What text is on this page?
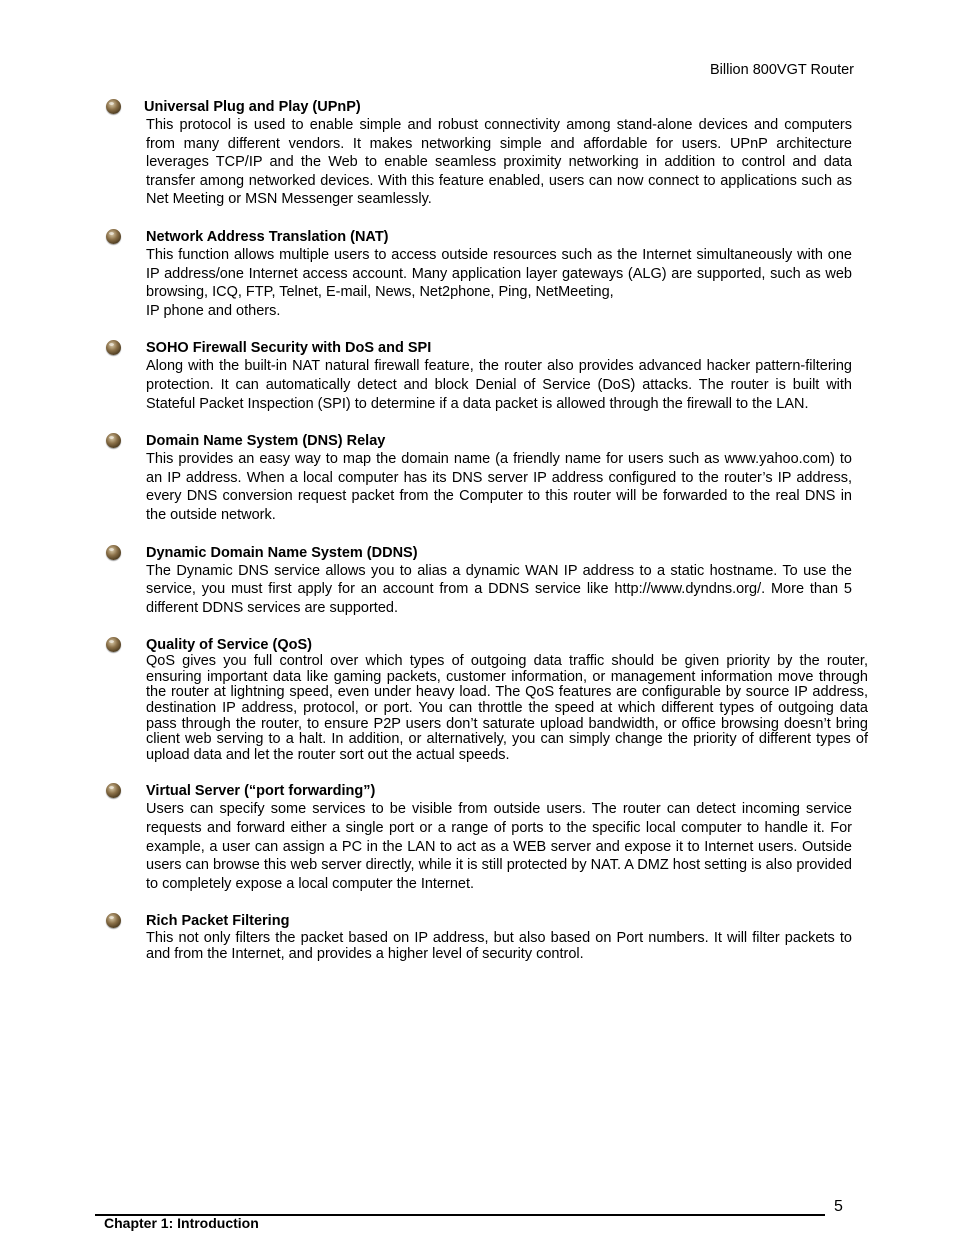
Billion 800VGT Router
Universal Plug and Play (UPnP)
This protocol is used to enable simple and robust connectivity among stand-alone devices and computers from many different vendors. It makes networking simple and affordable for users. UPnP architecture leverages TCP/IP and the Web to enable seamless proximity networking in addition to control and data transfer among networked devices. With this feature enabled, users can now connect to applications such as Net Meeting or MSN Messenger seamlessly.
Network Address Translation (NAT)
This function allows multiple users to access outside resources such as the Internet simultaneously with one IP address/one Internet access account. Many application layer gateways (ALG) are supported, such as web browsing, ICQ, FTP, Telnet, E-mail, News, Net2phone, Ping, NetMeeting,
IP phone and others.
SOHO Firewall Security with DoS and SPI
Along with the built-in NAT natural firewall feature, the router also provides advanced hacker pattern-filtering protection. It can automatically detect and block Denial of Service (DoS) attacks. The router is built with Stateful Packet Inspection (SPI) to determine if a data packet is allowed through the firewall to the LAN.
Domain Name System (DNS) Relay
This provides an easy way to map the domain name (a friendly name for users such as www.yahoo.com) to an IP address. When a local computer has its DNS server IP address configured to the router’s IP address, every DNS conversion request packet from the Computer to this router will be forwarded to the real DNS in the outside network.
Dynamic Domain Name System (DDNS)
The Dynamic DNS service allows you to alias a dynamic WAN IP address to a static hostname. To use the service, you must first apply for an account from a DDNS service like http://www.dyndns.org/. More than 5 different DDNS services are supported.
Quality of Service (QoS)
QoS gives you full control over which types of outgoing data traffic should be given priority by the router, ensuring important data like gaming packets, customer information, or management information move through the router at lightning speed, even under heavy load. The QoS features are configurable by source IP address, destination IP address, protocol, or port. You can throttle the speed at which different types of outgoing data pass through the router, to ensure P2P users don’t saturate upload bandwidth, or office browsing doesn’t bring client web serving to a halt. In addition, or alternatively, you can simply change the priority of different types of upload data and let the router sort out the actual speeds.
Virtual Server (“port forwarding”)
Users can specify some services to be visible from outside users. The router can detect incoming service requests and forward either a single port or a range of ports to the specific local computer to handle it. For example, a user can assign a PC in the LAN to act as a WEB server and expose it to Internet users. Outside users can browse this web server directly, while it is still protected by NAT. A DMZ host setting is also provided to completely expose a local computer the Internet.
Rich Packet Filtering
This not only filters the packet based on IP address, but also based on Port numbers. It will filter packets to and from the Internet, and provides a higher level of security control.
5
Chapter 1: Introduction
